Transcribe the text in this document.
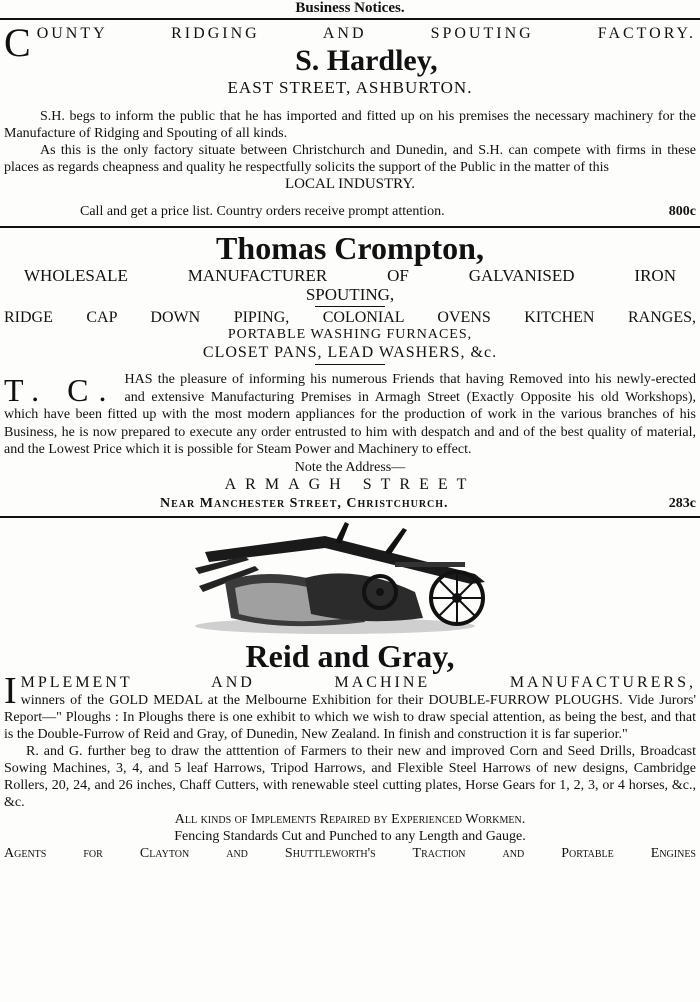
Business Notices.
C OUNTY RIDGING AND SPOUTING FACTORY.

S. Hardley,

EAST STREET, ASHBURTON.

S.H. begs to inform the public that he has imported and fitted up on his premises the necessary machinery for the Manufacture of Ridging and Spouting of all kinds.

As this is the only factory situate between Christchurch and Dunedin, and S.H. can compete with firms in these places as regards cheapness and quality he respectfully solicits the support of the Public in the matter of this

LOCAL INDUSTRY.

Call and get a price list. Country orders receive prompt attention.	800c

Thomas Crompton,

WHOLESALE MANUFACTURER OF GALVANISED IRON

SPOUTING,

RIDGE CAP DOWN PIPING, COLONIAL OVENS KITCHEN RANGES,

PORTABLE WASHING FURNACES,

CLOSET PANS, LEAD WASHERS, &c.

T. C. HAS the pleasure of informing his numerous Friends that having Removed into his newly-erected and extensive Manufacturing Premises in Armagh Street (Exactly Opposite his old Workshops), which have been fitted up with the most modern appliances for the production of work in the various branches of his Business, he is now prepared to execute any order entrusted to him with despatch and and of the best quality of material, and the Lowest Price which it is possible for Steam Power and Machinery to effect.

Note the Address—

ARMAGH STREET

Near Manchester Street, Christchurch.	283c

Reid and Gray,

I MPLEMENT AND MACHINE MANUFACTURERS,

winners of the GOLD MEDAL at the Melbourne Exhibition for their DOUBLE-FURROW PLOUGHS. Vide Jurors' Report—" Ploughs : In Ploughs there is one exhibit to which we wish to draw special attention, as being the best, and that is the Double-Furrow of Reid and Gray, of Dunedin, New Zealand. In finish and construction it is far superior."

R. and G. further beg to draw the atttention of Farmers to their new and improved Corn and Seed Drills, Broadcast Sowing Machines, 3, 4, and 5 leaf Harrows, Tripod Harrows, and Flexible Steel Harrows of new designs, Cambridge Rollers, 20, 24, and 26 inches, Chaff Cutters, with renewable steel cutting plates, Horse Gears for 1, 2, 3, or 4 horses, &c., &c.

All kinds of Implements Repaired by Experienced Workmen.

Fencing Standards Cut and Punched to any Length and Gauge.

Agents for Clayton and Shuttleworth's Traction and Portable Engines
